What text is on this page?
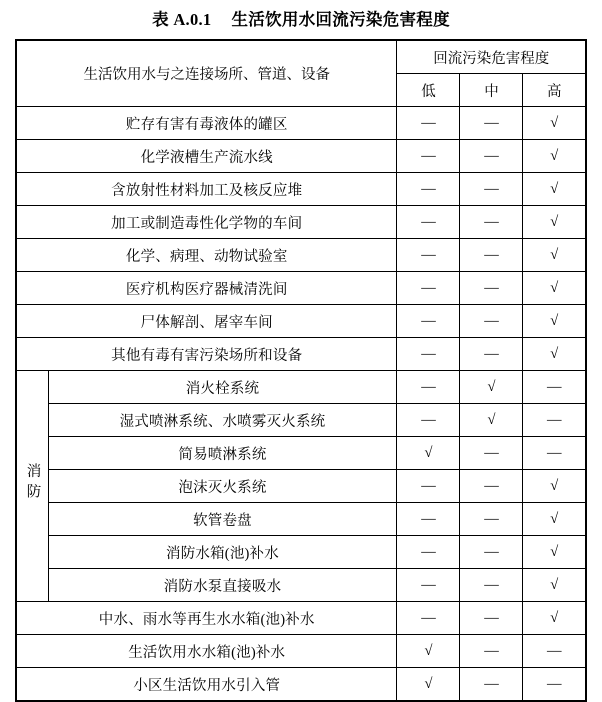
表 A.0.1 生活饮用水回流污染危害程度
生活饮用水与之连接场所、管道、设备		回流污染危害程度		
		低	中	高
贮存有害有毒液体的罐区		—	—	√
化学液槽生产流水线		—	—	√
含放射性材料加工及核反应堆		—	—	√
加工或制造毒性化学物的车间		—	—	√
化学、病理、动物试验室		—	—	√
医疗机构医疗器械清洗间		—	—	√
尸体解剖、屠宰车间		—	—	√
其他有毒有害污染场所和设备		—	—	√
消防	消火栓系统	—	√	—
	湿式喷淋系统、水喷雾灭火系统	—	√	—
	简易喷淋系统	√	—	—
	泡沫灭火系统	—	—	√
	软管卷盘	—	—	√
	消防水箱(池)补水	—	—	√
	消防水泵直接吸水	—	—	√
中水、雨水等再生水水箱(池)补水		—	—	√
生活饮用水水箱(池)补水		√	—	—
小区生活饮用水引入管		√	—	—
